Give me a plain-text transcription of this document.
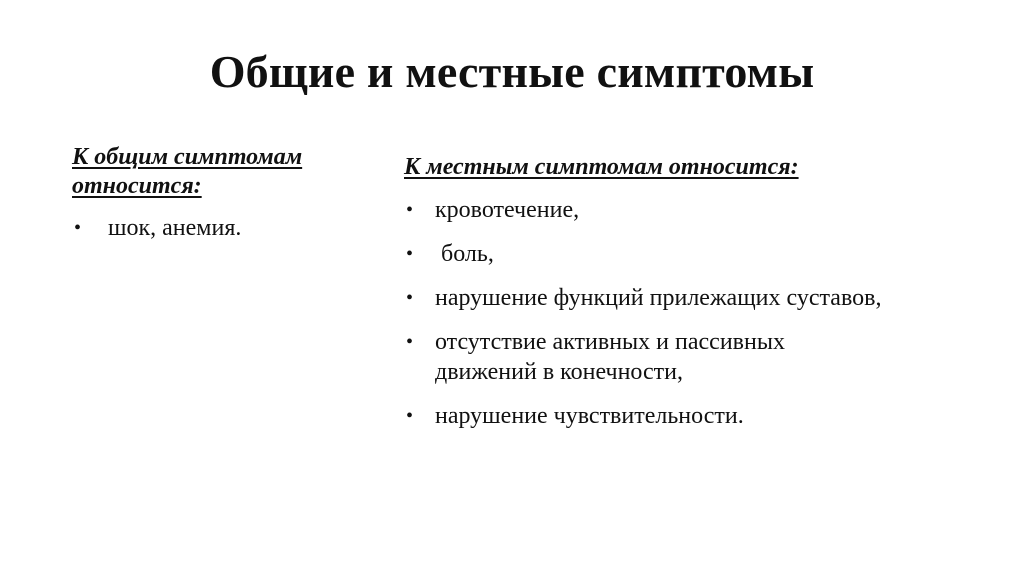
Общие и местные симптомы

К общим симптомам относится:

• шок, анемия.

К местным симптомам относится:

• кровотечение,
• боль,
• нарушение функций прилежащих суставов,
• отсутствие активных и пассивных движений в конечности,
• нарушение чувствительности.
